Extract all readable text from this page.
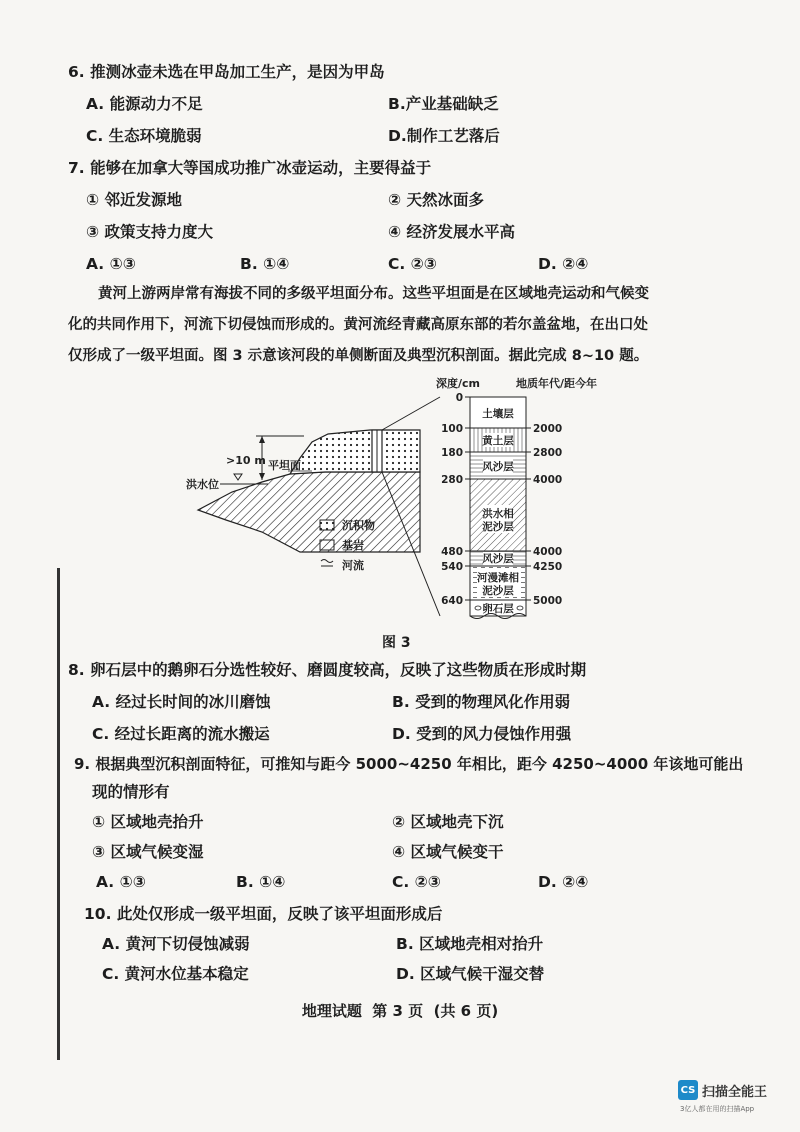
6. 推测冰壶未选在甲岛加工生产，是因为甲岛
A. 能源动力不足	B.产业基础缺乏
C. 生态环境脆弱	D.制作工艺落后
7. 能够在加拿大等国成功推广冰壶运动，主要得益于
① 邻近发源地	② 天然冰面多
③ 政策支持力度大	④ 经济发展水平高
A. ①③	B. ①④	C. ②③	D. ②④

黄河上游两岸常有海拔不同的多级平坦面分布。这些平坦面是在区域地壳运动和气候变

化的共同作用下，河流下切侵蚀而形成的。黄河流经青藏高原东部的若尔盖盆地，在出口处

仅形成了一级平坦面。图 3 示意该河段的单侧断面及典型沉积剖面。据此完成 8~10 题。

深度/cm	地质年代/距今年
>10 m 平坦面
洪水位
沉积物
基岩
河流
土壤层
黄土层
风沙层
洪水相
泥沙层
风沙层
河漫滩相
泥沙层
卵石层
0
100
180
280
480
540
640
2000
2800
4000
4000
4250
5000
图 3
8. 卵石层中的鹅卵石分选性较好、磨圆度较高，反映了这些物质在形成时期
A. 经过长时间的冰川磨蚀	B. 受到的物理风化作用弱
C. 经过长距离的流水搬运	D. 受到的风力侵蚀作用强
9. 根据典型沉积剖面特征，可推知与距今 5000~4250 年相比，距今 4250~4000 年该地可能出
现的情形有
① 区域地壳抬升	② 区域地壳下沉
③ 区域气候变湿	④ 区域气候变干
A. ①③	B. ①④	C. ②③	D. ②④
10. 此处仅形成一级平坦面，反映了该平坦面形成后
A. 黄河下切侵蚀减弱	B. 区域地壳相对抬升
C. 黄河水位基本稳定	D. 区域气候干湿交替
地理试题  第 3 页  (共 6 页)
CS 扫描全能王
3亿人都在用的扫描App
